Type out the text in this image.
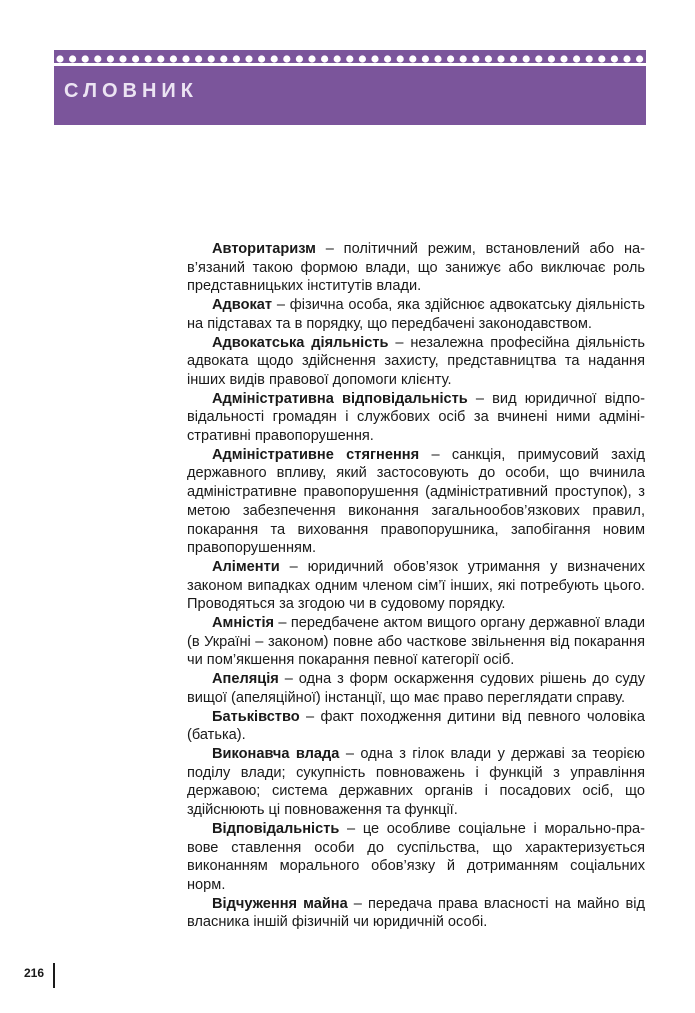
СЛОВНИК

Авторитаризм – політичний режим, встановлений або нав’язаний такою формою влади, що занижує або виключає роль представницьких інститутів влади.

Адвокат – фізична особа, яка здійснює адвокатську діяльність на підставах та в порядку, що передбачені законодавством.

Адвокатська діяльність – незалежна професійна діяльність адвоката щодо здійснення захисту, представництва та надання інших видів правової допомоги клієнту.

Адміністративна відповідальність – вид юридичної відповідальності громадян і службових осіб за вчинені ними адміністративні правопорушення.

Адміністративне стягнення – санкція, примусовий захід державного впливу, який застосовують до особи, що вчинила адміністративне правопорушення (адміністративний проступок), з метою забезпечення виконання загальнообов’язкових правил, покарання та виховання правопорушника, запобігання новим правопорушенням.

Аліменти – юридичний обов’язок утримання у визначених законом випадках одним членом сім’ї інших, які потребують цього. Проводяться за згодою чи в судовому порядку.

Амністія – передбачене актом вищого органу державної влади (в Україні – законом) повне або часткове звільнення від покарання чи пом’якшення покарання певної категорії осіб.

Апеляція – одна з форм оскарження судових рішень до суду вищої (апеляційної) інстанції, що має право переглядати справу.

Батьківство – факт походження дитини від певного чоловіка (батька).

Виконавча влада – одна з гілок влади у державі за теорією поділу влади; сукупність повноважень і функцій з управління державою; система державних органів і посадових осіб, що здійснюють ці повноваження та функції.

Відповідальність – це особливе соціальне і морально-правове ставлення особи до суспільства, що характеризується виконанням морального обов’язку й дотриманням соціальних норм.

Відчуження майна – передача права власності на майно від власника іншій фізичній чи юридичній особі.

216
